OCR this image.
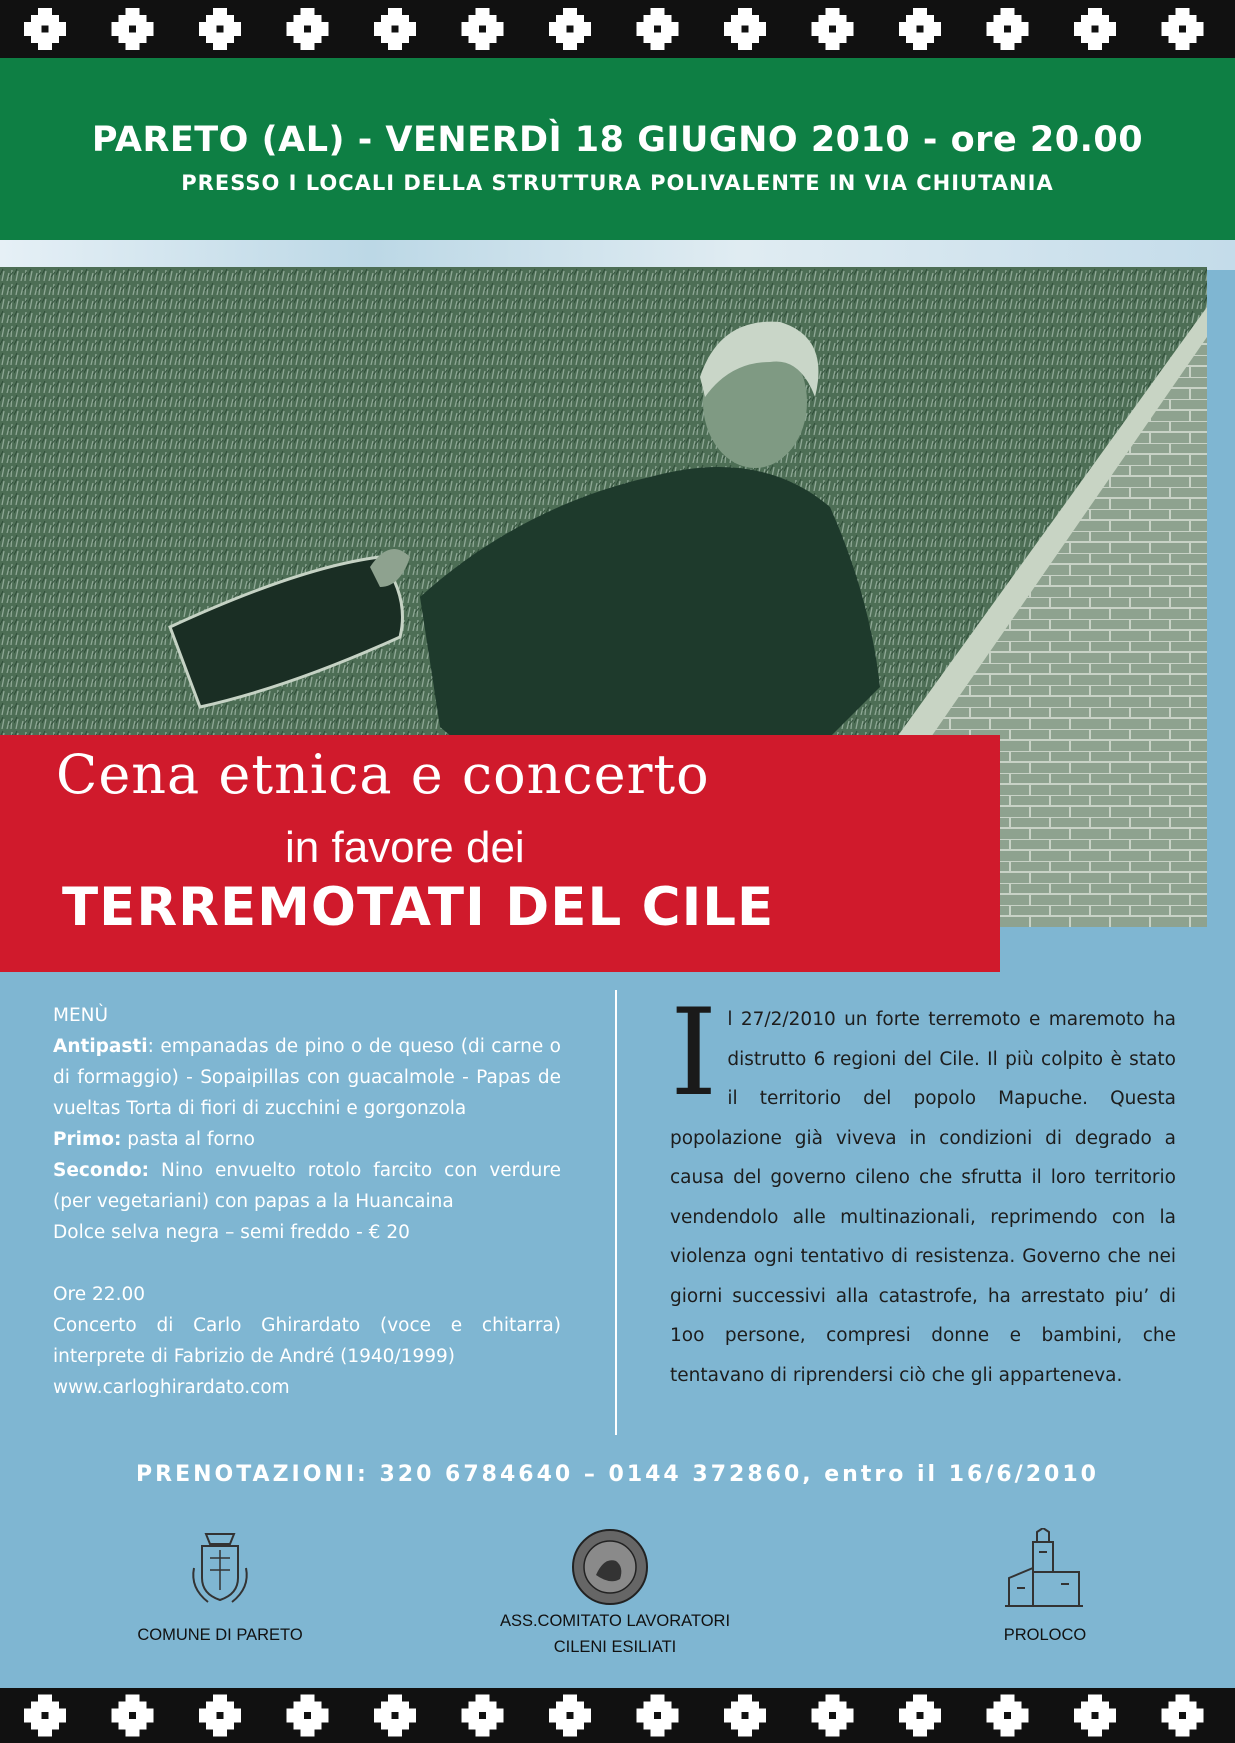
PARETO (AL) - VENERDÌ 18 GIUGNO 2010 - ore 20.00
PRESSO I LOCALI DELLA STRUTTURA POLIVALENTE IN VIA CHIUTANIA
Cena etnica e concerto
in favore dei
TERREMOTATI DEL CILE
MENÙ
Antipasti: empanadas de pino o de queso (di carne o di formaggio) - Sopaipillas con guacalmole - Papas de vueltas Torta di fiori di zucchini e gorgonzola
Primo: pasta al forno
Secondo: Nino envuelto rotolo farcito con verdure (per vegetariani) con papas a la Huancaina
Dolce selva negra – semi freddo - € 20
Ore 22.00
Concerto di Carlo Ghirardato (voce e chitarra) interprete di Fabrizio de André (1940/1999)
www.carloghirardato.com
Il 27/2/2010 un forte terremoto e maremoto ha distrutto 6 regioni del Cile. Il più colpito è stato il territorio del popolo Mapuche. Questa popolazione già viveva in condizioni di degrado a causa del governo cileno che sfrutta il loro territorio vendendolo alle multinazionali, reprimendo con la violenza ogni tentativo di resistenza. Governo che nei giorni successivi alla catastrofe, ha arrestato piu’ di 1oo persone, compresi donne e bambini, che tentavano di riprendersi ciò che gli apparteneva.
PRENOTAZIONI: 320 6784640 – 0144 372860, entro il 16/6/2010
COMUNE DI PARETO
ASS.COMITATO LAVORATORI
CILENI ESILIATI
PROLOCO
